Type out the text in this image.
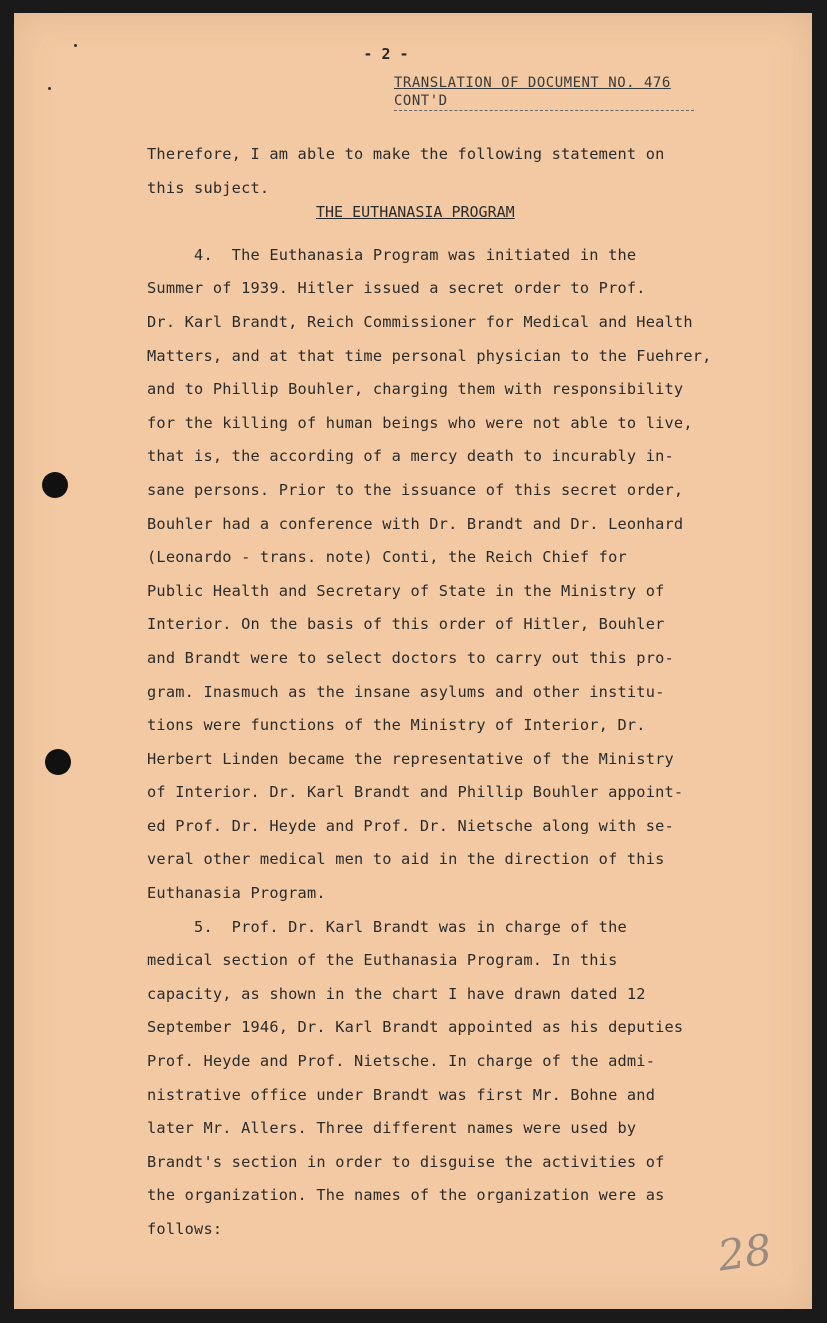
- 2 -
TRANSLATION OF DOCUMENT NO. 476
CONT'D
THE EUTHANASIA PROGRAM
Therefore, I am able to make the following statement on
this subject.
4.  The Euthanasia Program was initiated in the
Summer of 1939. Hitler issued a secret order to Prof.
Dr. Karl Brandt, Reich Commissioner for Medical and Health
Matters, and at that time personal physician to the Fuehrer,
and to Phillip Bouhler, charging them with responsibility
for the killing of human beings who were not able to live,
that is, the according of a mercy death to incurably in-
sane persons. Prior to the issuance of this secret order,
Bouhler had a conference with Dr. Brandt and Dr. Leonhard
(Leonardo - trans. note) Conti, the Reich Chief for
Public Health and Secretary of State in the Ministry of
Interior. On the basis of this order of Hitler, Bouhler
and Brandt were to select doctors to carry out this pro-
gram. Inasmuch as the insane asylums and other institu-
tions were functions of the Ministry of Interior, Dr.
Herbert Linden became the representative of the Ministry
of Interior. Dr. Karl Brandt and Phillip Bouhler appoint-
ed Prof. Dr. Heyde and Prof. Dr. Nietsche along with se-
veral other medical men to aid in the direction of this
Euthanasia Program.
5.  Prof. Dr. Karl Brandt was in charge of the
medical section of the Euthanasia Program. In this
capacity, as shown in the chart I have drawn dated 12
September 1946, Dr. Karl Brandt appointed as his deputies
Prof. Heyde and Prof. Nietsche. In charge of the admi-
nistrative office under Brandt was first Mr. Bohne and
later Mr. Allers. Three different names were used by
Brandt's section in order to disguise the activities of
the organization. The names of the organization were as
follows:	28
